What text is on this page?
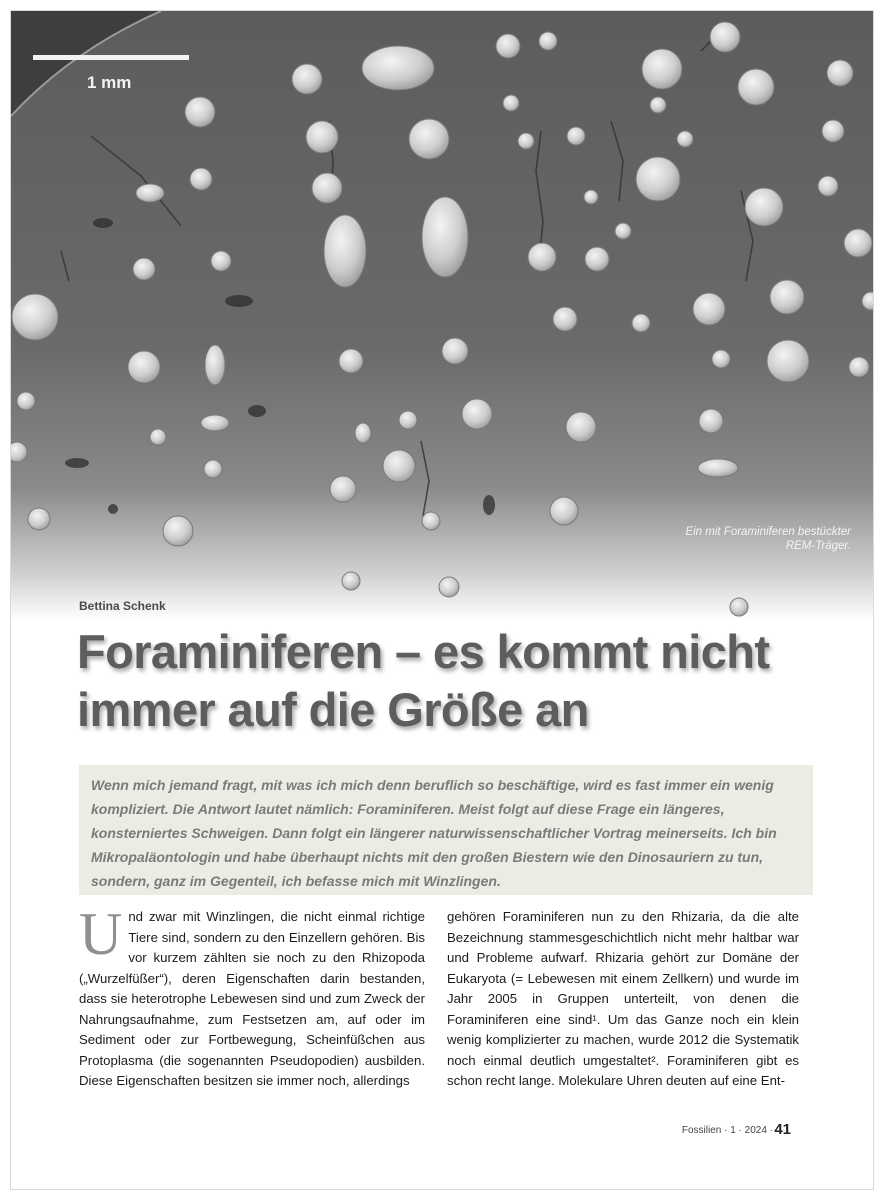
1 mm
Ein mit Foraminiferen bestückter REM-Träger.
Bettina Schenk
Foraminiferen – es kommt nicht immer auf die Größe an
Wenn mich jemand fragt, mit was ich mich denn beruflich so beschäftige, wird es fast immer ein wenig kompliziert. Die Antwort lautet nämlich: Foraminiferen. Meist folgt auf diese Frage ein längeres, konsterniertes Schweigen. Dann folgt ein längerer naturwissenschaftlicher Vortrag meinerseits. Ich bin Mikropaläontologin und habe überhaupt nichts mit den großen Biestern wie den Dinosauriern zu tun, sondern, ganz im Gegenteil, ich befasse mich mit Winzlingen.
Und zwar mit Winzlingen, die nicht einmal richtige Tiere sind, sondern zu den Einzellern gehören. Bis vor kurzem zählten sie noch zu den Rhizopoda („Wurzelfüßer“), deren Eigenschaften darin bestanden, dass sie heterotrophe Lebewesen sind und zum Zweck der Nahrungsaufnahme, zum Festsetzen am, auf oder im Sediment oder zur Fortbewegung, Scheinfüßchen aus Protoplasma (die sogenannten Pseudopodien) ausbilden. Diese Eigenschaften besitzen sie immer noch, allerdings
gehören Foraminiferen nun zu den Rhizaria, da die alte Bezeichnung stammesgeschichtlich nicht mehr haltbar war und Probleme aufwarf. Rhizaria gehört zur Domäne der Eukaryota (= Lebewesen mit einem Zellkern) und wurde im Jahr 2005 in Gruppen unterteilt, von denen die Foraminiferen eine sind¹. Um das Ganze noch ein klein wenig komplizierter zu machen, wurde 2012 die Systematik noch einmal deutlich umgestaltet². Foraminiferen gibt es schon recht lange. Molekulare Uhren deuten auf eine Ent-
Fossilien · 1 · 2024 · 41
